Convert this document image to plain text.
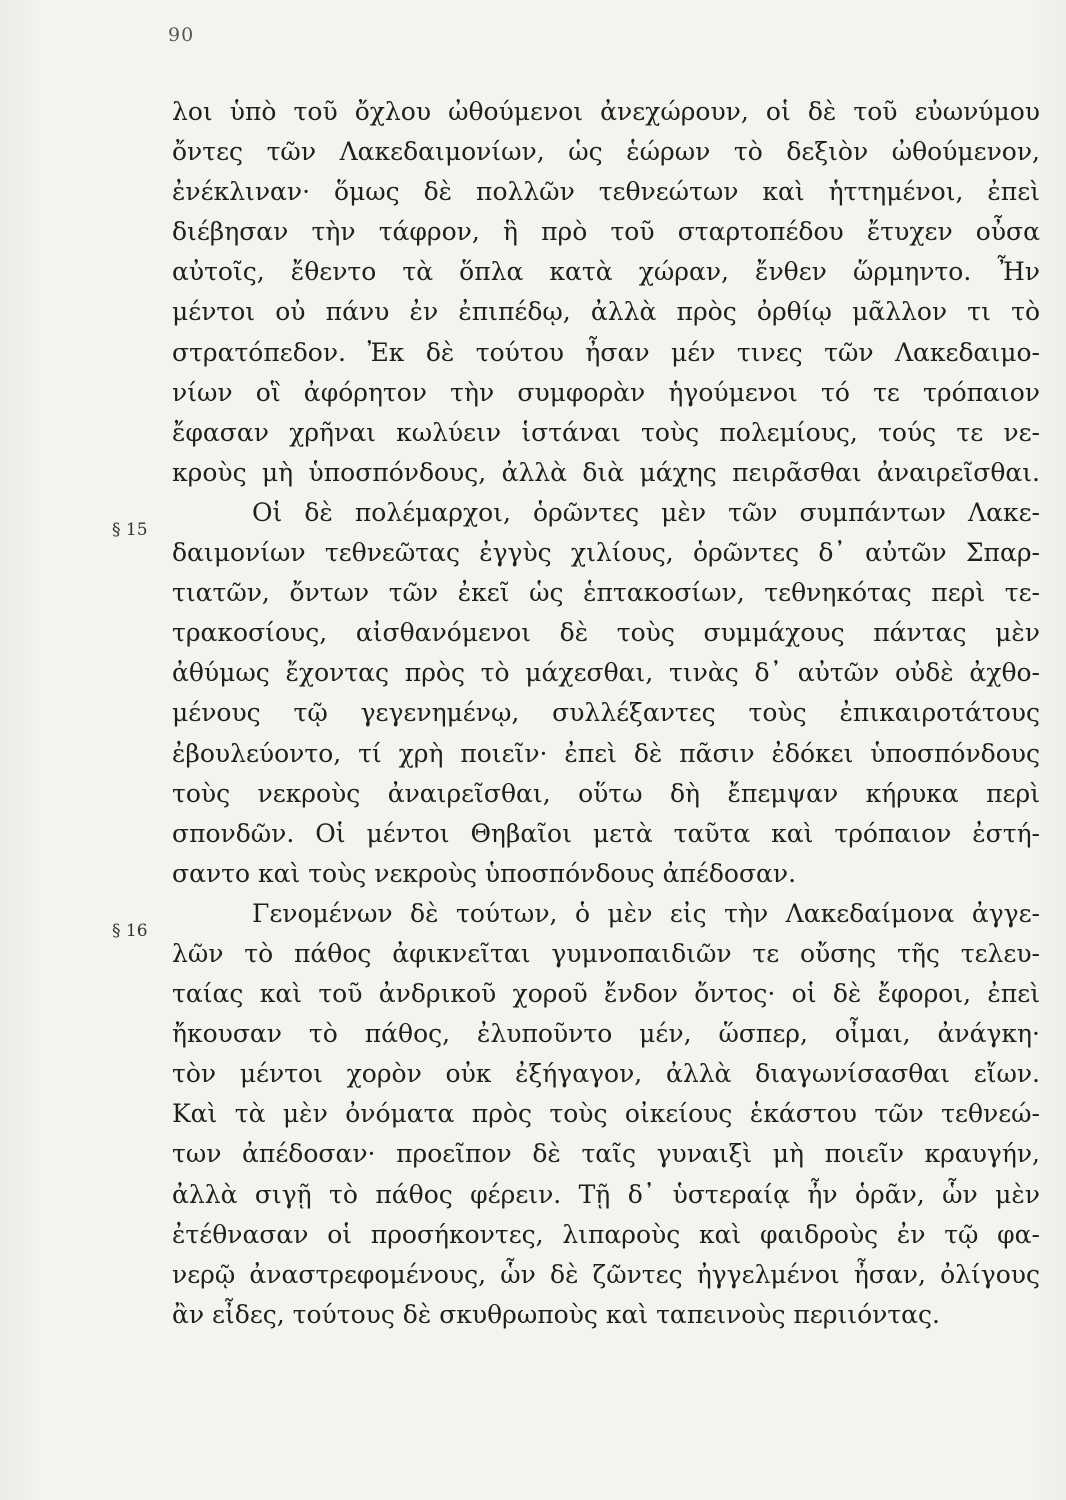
90
§ 15
§ 16
λοι ὑπὸ τοῦ ὄχλου ὠθούμενοι ἀνεχώρουν, οἱ δὲ τοῦ εὐωνύμου
ὄντες τῶν Λακεδαιμονίων, ὡς ἑώρων τὸ δεξιὸν ὠθούμενον,
ἐνέκλιναν· ὅμως δὲ πολλῶν τεθνεώτων καὶ ἡττημένοι, ἐπεὶ
διέβησαν τὴν τάφρον, ἣ πρὸ τοῦ σταρτοπέδου ἔτυχεν οὖσα
αὐτοῖς, ἔθεντο τὰ ὅπλα κατὰ χώραν, ἔνθεν ὥρμηντο. Ἦν
μέντοι οὐ πάνυ ἐν ἐπιπέδῳ, ἀλλὰ πρὸς ὀρθίῳ μᾶλλον τι τὸ
στρατόπεδον. Ἐκ δὲ τούτου ἦσαν μέν τινες τῶν Λακεδαιμο-
νίων οἳ ἀφόρητον τὴν συμφορὰν ἡγούμενοι τό τε τρόπαιον
ἔφασαν χρῆναι κωλύειν ἱστάναι τοὺς πολεμίους, τούς τε νε-
κροὺς μὴ ὑποσπόνδους, ἀλλὰ διὰ μάχης πειρᾶσθαι ἀναιρεῖσθαι.
Οἱ δὲ πολέμαρχοι, ὁρῶντες μὲν τῶν συμπάντων Λακε-
δαιμονίων τεθνεῶτας ἐγγὺς χιλίους, ὁρῶντες δ᾽ αὐτῶν Σπαρ-
τιατῶν, ὄντων τῶν ἐκεῖ ὡς ἑπτακοσίων, τεθνηκότας περὶ τε-
τρακοσίους, αἰσθανόμενοι δὲ τοὺς συμμάχους πάντας μὲν
ἀθύμως ἔχοντας πρὸς τὸ μάχεσθαι, τινὰς δ᾽ αὐτῶν οὐδὲ ἀχθο-
μένους τῷ γεγενημένῳ, συλλέξαντες τοὺς ἐπικαιροτάτους
ἐβουλεύοντο, τί χρὴ ποιεῖν· ἐπεὶ δὲ πᾶσιν ἐδόκει ὑποσπόνδους
τοὺς νεκροὺς ἀναιρεῖσθαι, οὕτω δὴ ἔπεμψαν κήρυκα περὶ
σπονδῶν. Οἱ μέντοι Θηβαῖοι μετὰ ταῦτα καὶ τρόπαιον ἐστή-
σαντο καὶ τοὺς νεκροὺς ὑποσπόνδους ἀπέδοσαν.
Γενομένων δὲ τούτων, ὁ μὲν εἰς τὴν Λακεδαίμονα ἀγγε-
λῶν τὸ πάθος ἀφικνεῖται γυμνοπαιδιῶν τε οὔσης τῆς τελευ-
ταίας καὶ τοῦ ἀνδρικοῦ χοροῦ ἔνδον ὄντος· οἱ δὲ ἔφοροι, ἐπεὶ
ἤκουσαν τὸ πάθος, ἐλυποῦντο μέν, ὥσπερ, οἶμαι, ἀνάγκη·
τὸν μέντοι χορὸν οὐκ ἐξήγαγον, ἀλλὰ διαγωνίσασθαι εἴων.
Καὶ τὰ μὲν ὀνόματα πρὸς τοὺς οἰκείους ἑκάστου τῶν τεθνεώ-
των ἀπέδοσαν· προεῖπον δὲ ταῖς γυναιξὶ μὴ ποιεῖν κραυγήν,
ἀλλὰ σιγῇ τὸ πάθος φέρειν. Τῇ δ᾽ ὑστεραίᾳ ἦν ὁρᾶν, ὧν μὲν
ἐτέθνασαν οἱ προσήκοντες, λιπαροὺς καὶ φαιδροὺς ἐν τῷ φα-
νερῷ ἀναστρεφομένους, ὧν δὲ ζῶντες ἠγγελμένοι ἦσαν, ὀλίγους
ἂν εἶδες, τούτους δὲ σκυθρωποὺς καὶ ταπεινοὺς περιιόντας.
